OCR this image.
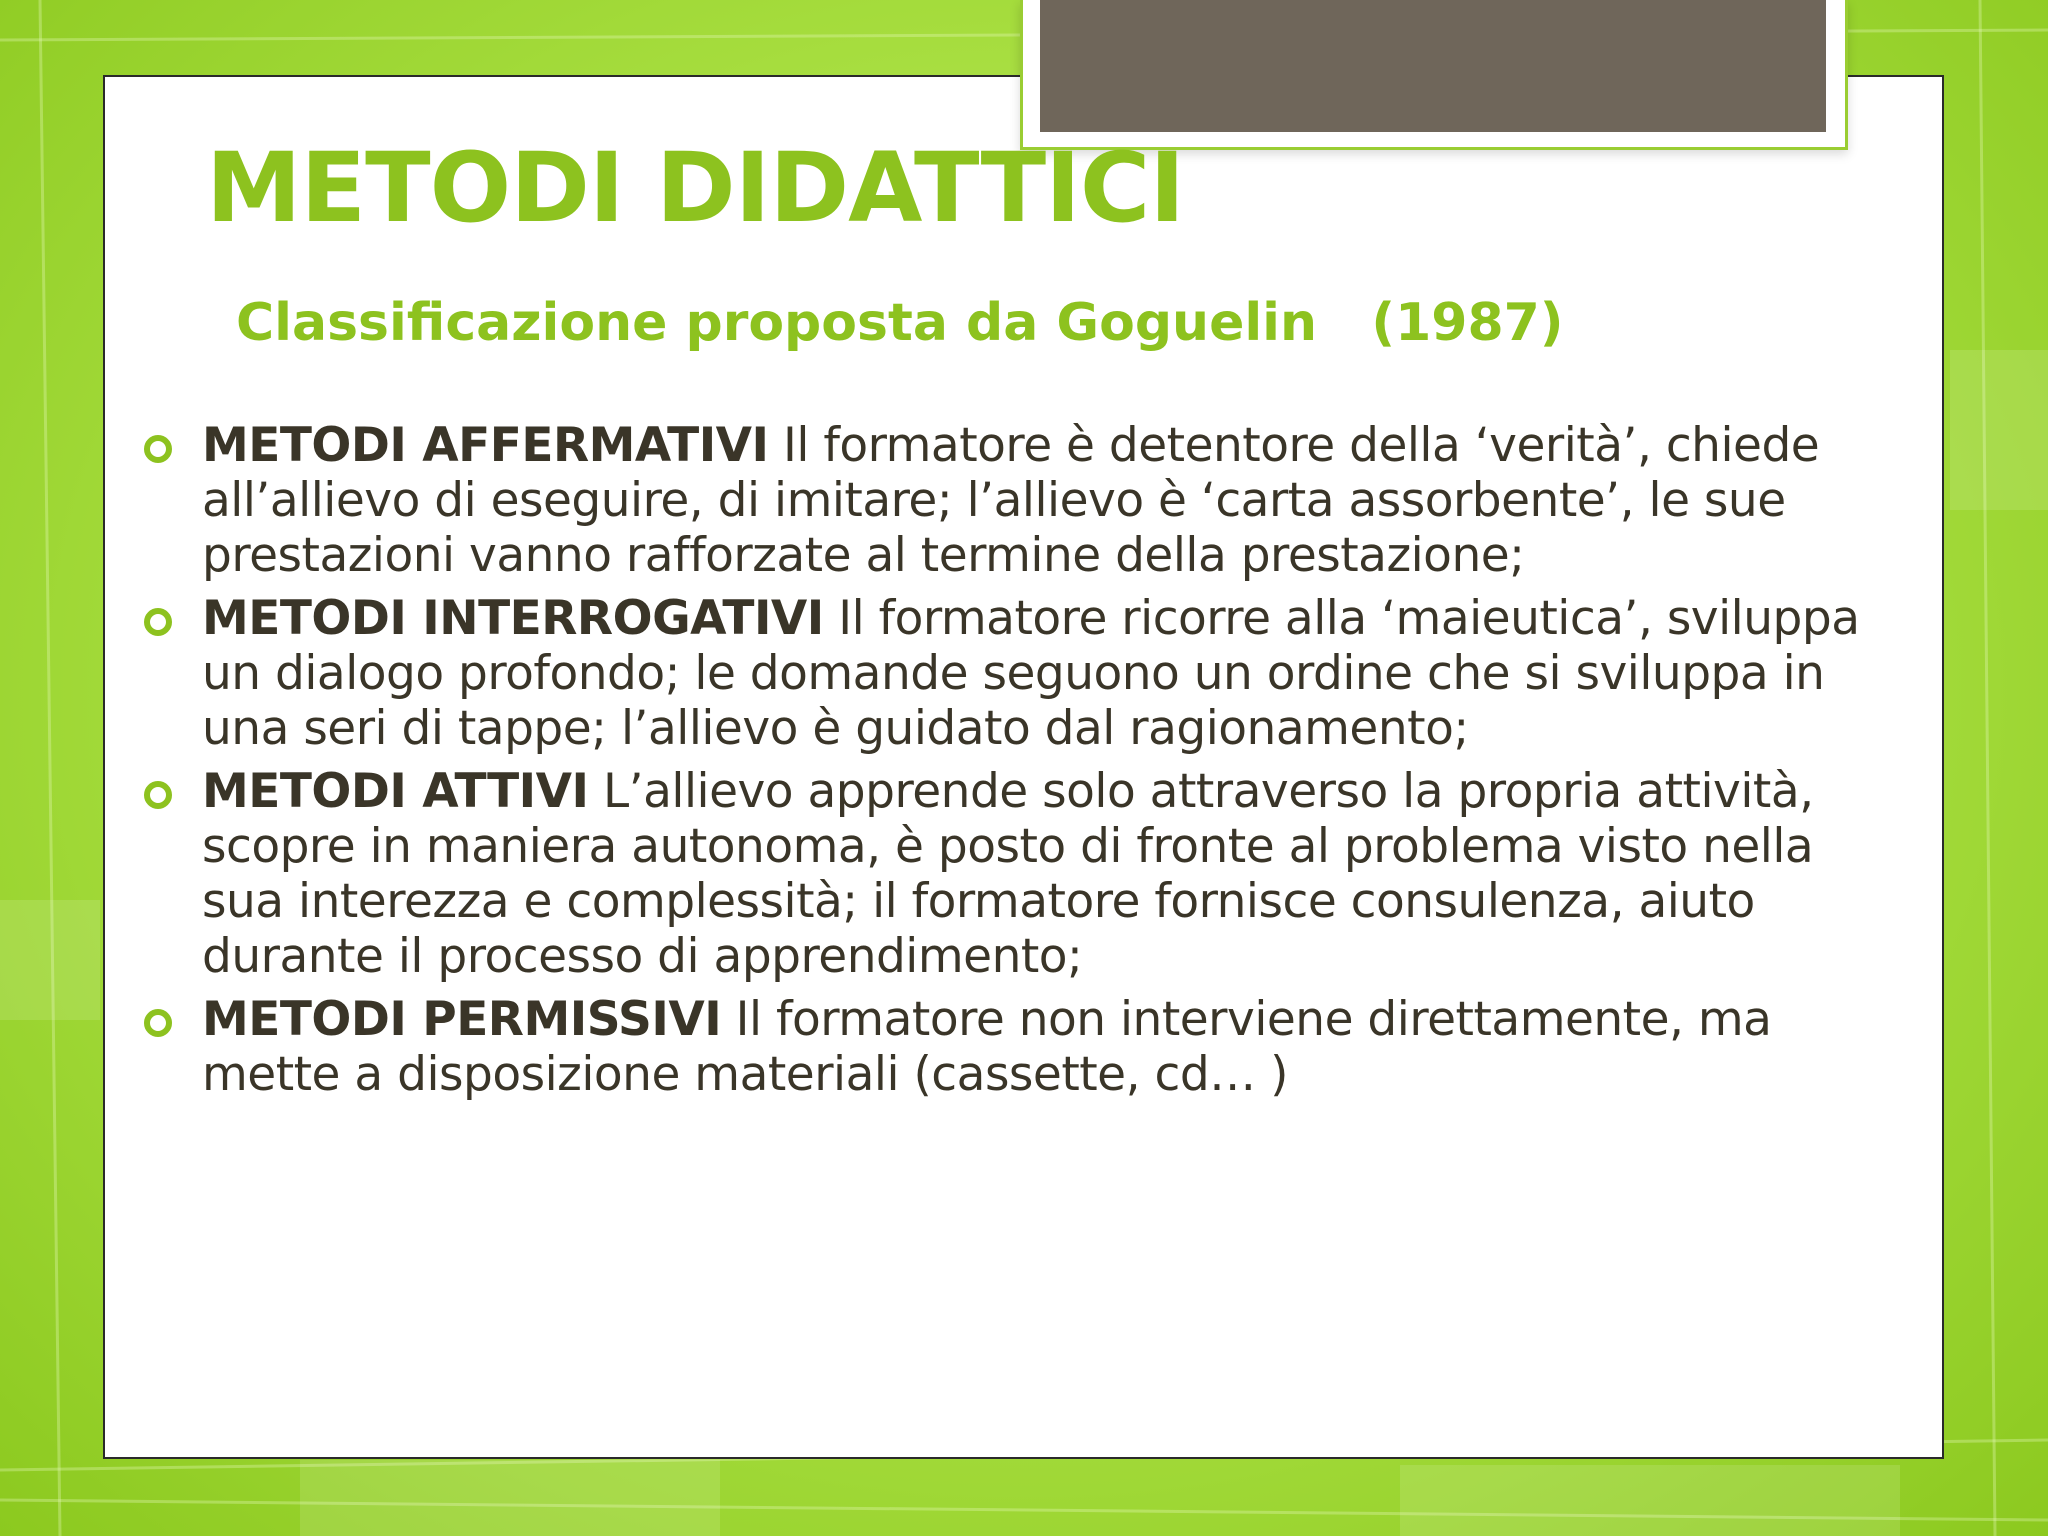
METODI DIDATTICI
Classificazione proposta da Goguelin   (1987)
METODI AFFERMATIVI Il formatore è detentore della ‘verità’, chiede all’allievo di eseguire, di imitare; l’allievo è ‘carta assorbente’, le sue prestazioni vanno rafforzate al termine della prestazione;
METODI INTERROGATIVI Il formatore ricorre alla ‘maieutica’, sviluppa un dialogo profondo; le domande seguono un ordine che si sviluppa in una seri di tappe; l’allievo è guidato dal ragionamento;
METODI ATTIVI L’allievo apprende solo attraverso la propria attività, scopre in maniera autonoma, è posto di fronte al problema visto nella sua interezza e complessità; il formatore fornisce consulenza, aiuto durante il processo di apprendimento;
METODI PERMISSIVI Il formatore non interviene direttamente, ma mette a disposizione materiali (cassette, cd… )
